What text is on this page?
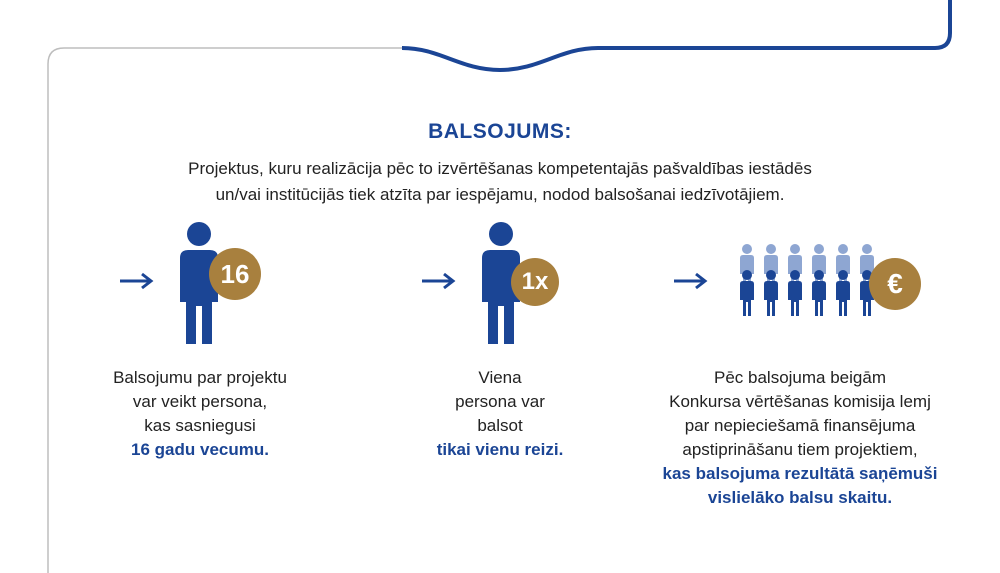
BALSOJUMS:
Projektus, kuru realizācija pēc to izvērtēšanas kompetentajās pašvaldības iestādēs
un/vai institūcijās tiek atzīta par iespējamu, nodod balsošanai iedzīvotājiem.
16
Balsojumu par projektu
var veikt persona,
kas sasniegusi
16 gadu vecumu.
1x
Viena
persona var
balsot
tikai vienu reizi.
€
Pēc balsojuma beigām
Konkursa vērtēšanas komisija lemj
par nepieciešamā finansējuma
apstiprināšanu tiem projektiem,
kas balsojuma rezultātā saņēmuši
vislielāko balsu skaitu.
